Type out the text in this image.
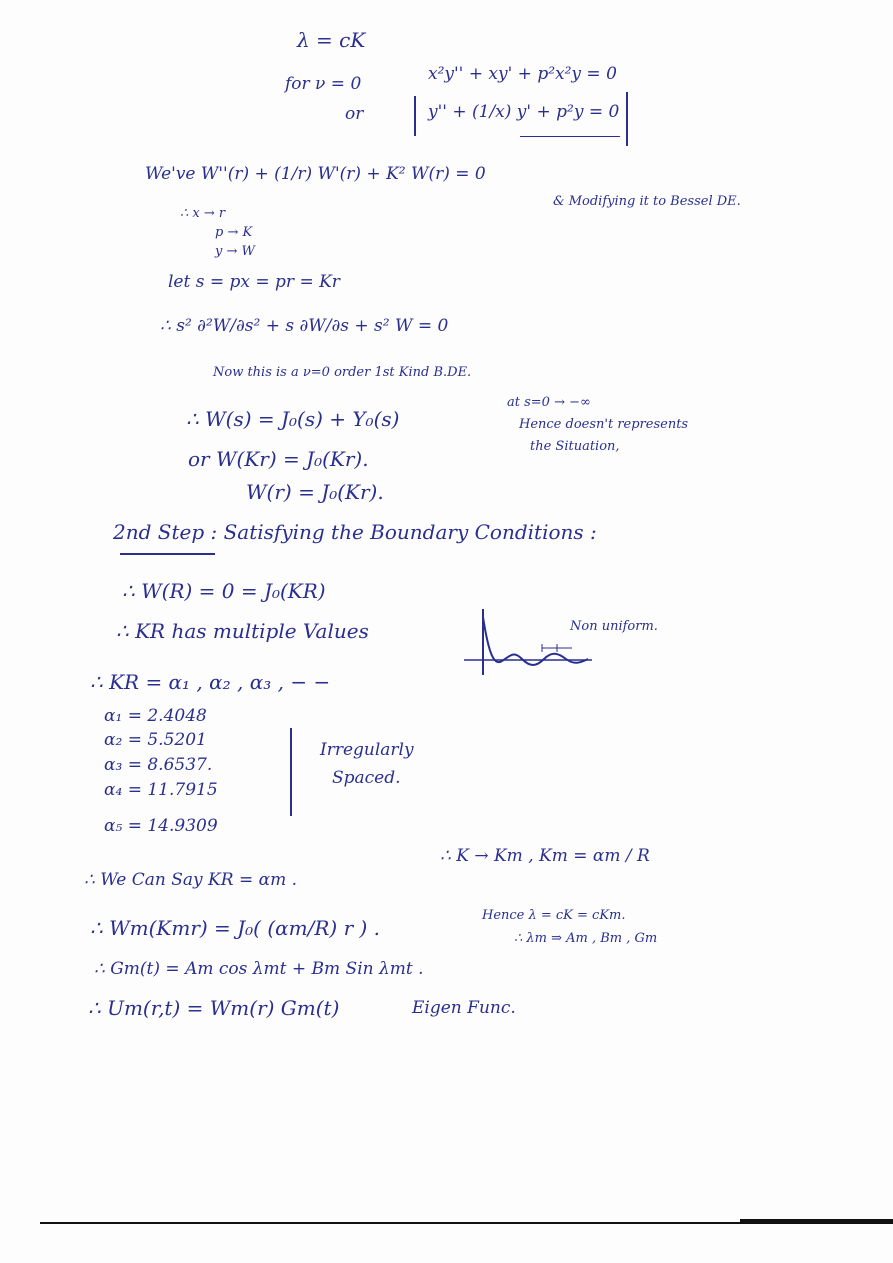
λ = cK
for ν = 0	x²y'' + xy' + p²x²y = 0
or	y'' + (1/x) y' + p²y = 0
We've W''(r) + (1/r) W'(r) + K² W(r) = 0
& Modifying it to Bessel DE.
∴ x → r
p → K
y → W
let s = px = pr = Kr
∴ s² ∂²W/∂s² + s ∂W/∂s + s² W = 0
Now this is a ν=0 order 1st Kind B.DE.
∴ W(s) = J₀(s) + Y₀(s)
at s=0 → −∞
Hence doesn't represents
the Situation,
or W(Kr) = J₀(Kr).
W(r) = J₀(Kr).
2nd Step : Satisfying the Boundary Conditions :
∴ W(R) = 0 = J₀(KR)
∴ KR has multiple Values	Non uniform.
∴ KR = α₁ , α₂ , α₃ , − −
α₁ = 2.4048
α₂ = 5.5201
α₃ = 8.6537.
α₄ = 11.7915
α₅ = 14.9309
Irregularly
Spaced.
∴ K → Km , Km = αm / R
∴ We Can Say KR = αm .
∴ Wm(Kmr) = J₀( (αm/R) r ) .
Hence λ = cK = cKm.
∴ λm ⇒ Am , Bm , Gm
∴ Gm(t) = Am cos λmt + Bm Sin λmt .
∴ Um(r,t) = Wm(r) Gm(t)	Eigen Func.
